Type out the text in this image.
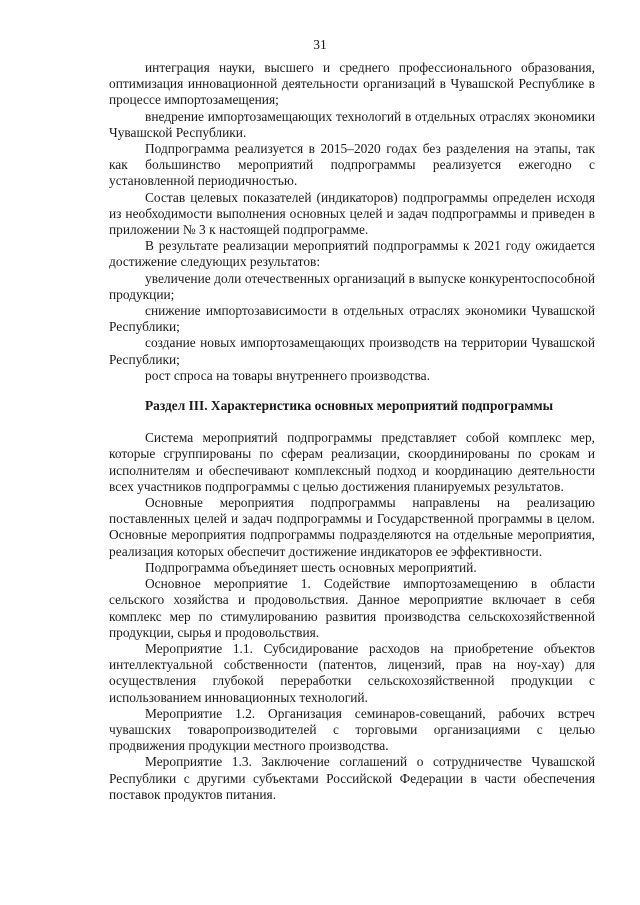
31

интеграция науки, высшего и среднего профессионального образования, оптимизация инновационной деятельности организаций в Чувашской Республике в процессе импортозамещения;

внедрение импортозамещающих технологий в отдельных отраслях экономики Чувашской Республики.

Подпрограмма реализуется в 2015–2020 годах без разделения на этапы, так как большинство мероприятий подпрограммы реализуется ежегодно с установленной периодичностью.

Состав целевых показателей (индикаторов) подпрограммы определен исходя из необходимости выполнения основных целей и задач подпрограммы и приведен в приложении № 3 к настоящей подпрограмме.

В результате реализации мероприятий подпрограммы к 2021 году ожидается достижение следующих результатов:

увеличение доли отечественных организаций в выпуске конкурентоспособной продукции;

снижение импортозависимости в отдельных отраслях экономики Чувашской Республики;

создание новых импортозамещающих производств на территории Чувашской Республики;

рост спроса на товары внутреннего производства.

Раздел III. Характеристика основных мероприятий подпрограммы

Система мероприятий подпрограммы представляет собой комплекс мер, которые сгруппированы по сферам реализации, скоординированы по срокам и исполнителям и обеспечивают комплексный подход и координацию деятельности всех участников подпрограммы с целью достижения планируемых результатов.

Основные мероприятия подпрограммы направлены на реализацию поставленных целей и задач подпрограммы и Государственной программы в целом. Основные мероприятия подпрограммы подразделяются на отдельные мероприятия, реализация которых обеспечит достижение индикаторов ее эффективности.

Подпрограмма объединяет шесть основных мероприятий.

Основное мероприятие 1. Содействие импортозамещению в области сельского хозяйства и продовольствия. Данное мероприятие включает в себя комплекс мер по стимулированию развития производства сельскохозяйственной продукции, сырья и продовольствия.

Мероприятие 1.1. Субсидирование расходов на приобретение объектов интеллектуальной собственности (патентов, лицензий, прав на ноу-хау) для осуществления глубокой переработки сельскохозяйственной продукции с использованием инновационных технологий.

Мероприятие 1.2. Организация семинаров-совещаний, рабочих встреч чувашских товаропроизводителей с торговыми организациями с целью продвижения продукции местного производства.

Мероприятие 1.3. Заключение соглашений о сотрудничестве Чувашской Республики с другими субъектами Российской Федерации в части обеспечения поставок продуктов питания.
